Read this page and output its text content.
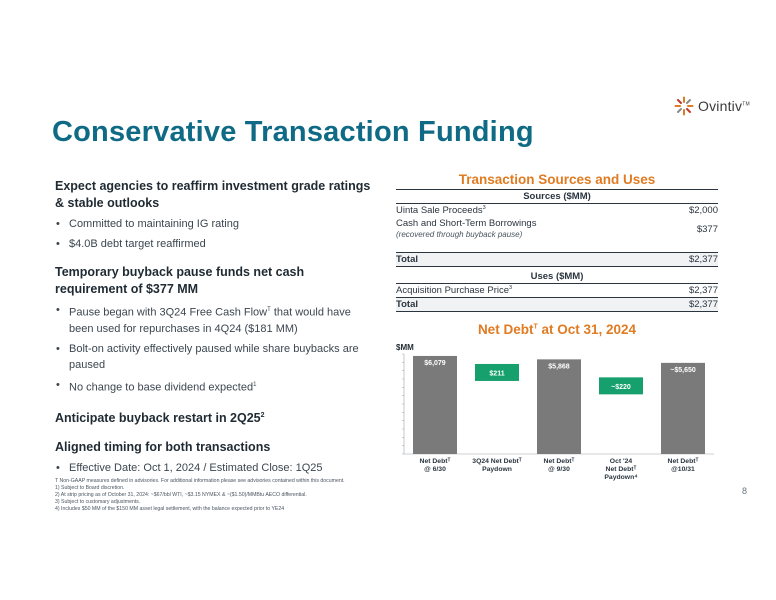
Ovintiv™
Conservative Transaction Funding
Expect agencies to reaffirm investment grade ratings & stable outlooks
• Committed to maintaining IG rating
• $4.0B debt target reaffirmed
Temporary buyback pause funds net cash requirement of $377 MM
• Pause began with 3Q24 Free Cash Flow$^T$ that would have been used for repurchases in 4Q24 ($181 MM)
• Bolt-on activity effectively paused while share buybacks are paused
• No change to base dividend expected$^1$
Anticipate buyback restart in $2Q25^2$
Aligned timing for both transactions
• Effective Date: Oct 1, 2024 / Estimated Close: 1Q25
Transaction Sources and Uses
Sources ($MM)
Uinta Sale Proceeds$^3$	$2,000
Cash and Short-Term Borrowings
(recovered through buyback pause)	$377
Total	$2,377
Uses ($MM)
Acquisition Purchase Price$^3$	$2,377
Total	$2,377
Net Debt$^T$ at Oct 31, 2024
$MM
$6,079
Net Debtᵀ
@ 6/30
$211
3Q24 Net Debtᵀ
Paydown
$5,868
Net Debtᵀ
@ 9/30
~$220
Oct '24
Net Debtᵀ
Paydown⁴
~$5,650
Net Debtᵀ
@10/31
T Non-GAAP measures defined in advisories. For additional information please see advisories contained within this document.
1) Subject to Board discretion.
2) At strip pricing as of October 31, 2024: ~$67/bbl WTI, ~$3.15 NYMEX & ~($1.50)/MMBtu AECO differential.
3) Subject to customary adjustments.
4) Includes $50 MM of the $150 MM asset legal settlement, with the balance expected prior to YE24
8
